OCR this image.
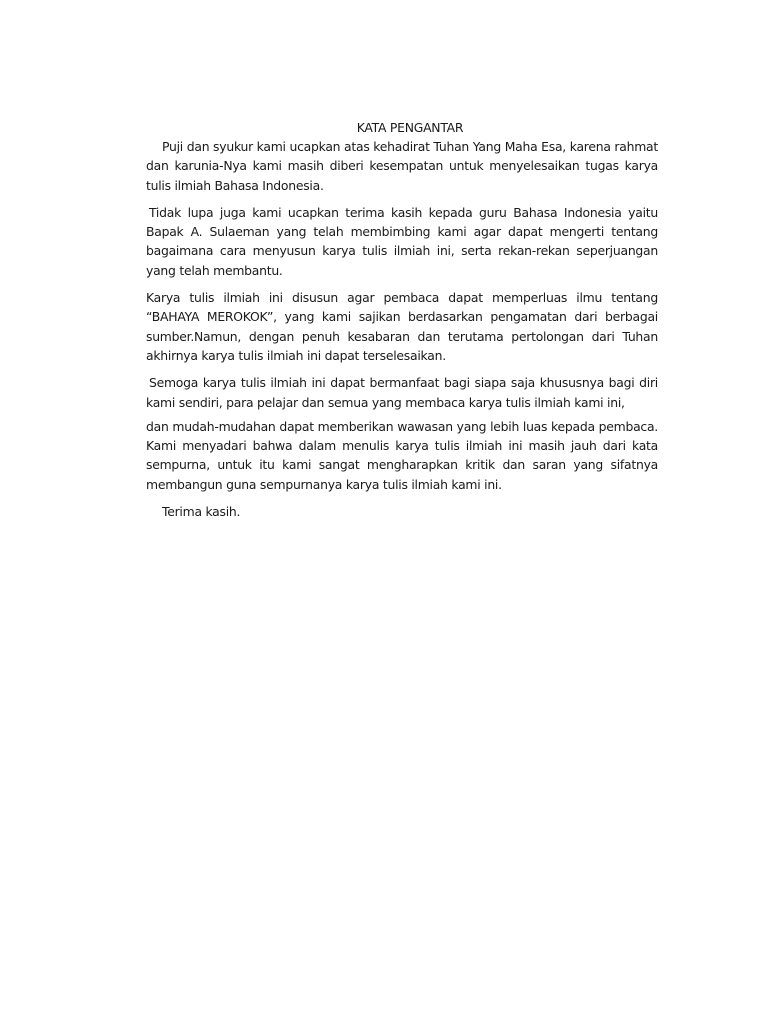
KATA PENGANTAR

Puji dan syukur kami ucapkan atas kehadirat Tuhan Yang Maha Esa, karena rahmat dan karunia-Nya kami masih diberi kesempatan untuk menyelesaikan tugas karya tulis ilmiah Bahasa Indonesia.

Tidak lupa juga kami ucapkan terima kasih kepada guru Bahasa Indonesia yaitu Bapak A. Sulaeman yang telah membimbing kami agar dapat mengerti tentang bagaimana cara menyusun karya tulis ilmiah ini, serta rekan-rekan seperjuangan yang telah membantu.

Karya tulis ilmiah ini disusun agar pembaca dapat memperluas ilmu tentang “BAHAYA MEROKOK”, yang kami sajikan berdasarkan pengamatan dari berbagai sumber.Namun, dengan penuh kesabaran dan terutama pertolongan dari Tuhan akhirnya karya tulis ilmiah ini dapat terselesaikan.

Semoga karya tulis ilmiah ini dapat bermanfaat bagi siapa saja khususnya bagi diri kami sendiri, para pelajar dan semua yang membaca karya tulis ilmiah kami ini,

dan mudah-mudahan dapat memberikan wawasan yang lebih luas kepada pembaca. Kami menyadari bahwa dalam menulis karya tulis ilmiah ini masih jauh dari kata sempurna, untuk itu kami sangat mengharapkan kritik dan saran yang sifatnya membangun guna sempurnanya karya tulis ilmiah kami ini.

Terima kasih.
